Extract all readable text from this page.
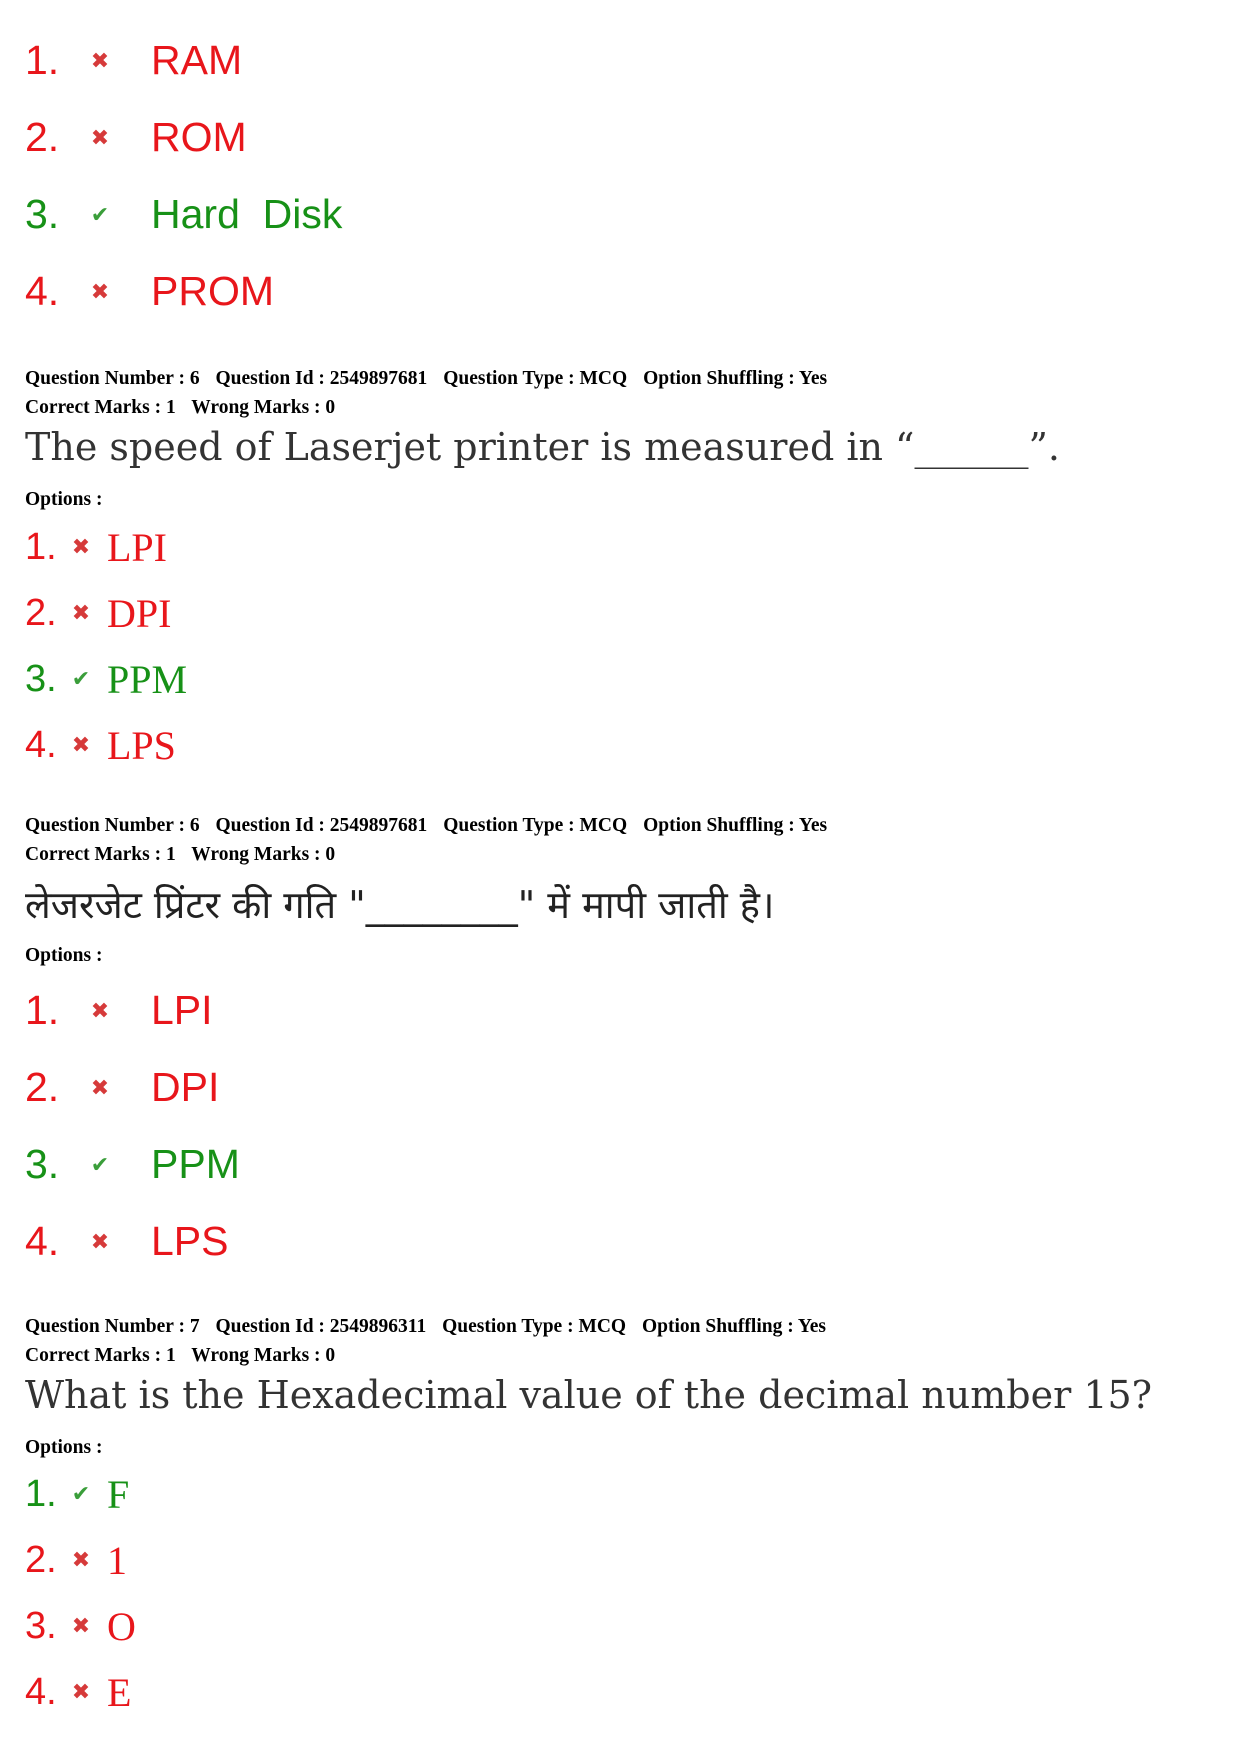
1.	✖ RAM
2.	✖ ROM
3.	✔ Hard  Disk
4.	✖ PROM
Question Number : 6 Question Id : 2549897681 Question Type : MCQ Option Shuffling : Yes
Correct Marks : 1 Wrong Marks : 0
The speed of Laserjet printer is measured in “______”.
Options :
1. ✖ LPI
2. ✖ DPI
3. ✔ PPM
4. ✖ LPS
Question Number : 6 Question Id : 2549897681 Question Type : MCQ Option Shuffling : Yes
Correct Marks : 1 Wrong Marks : 0
लेजरजेट प्रिंटर की गति "________" में मापी जाती है।
Options :
1.	✖ LPI
2.	✖ DPI
3.	✔ PPM
4.	✖ LPS
Question Number : 7 Question Id : 2549896311 Question Type : MCQ Option Shuffling : Yes
Correct Marks : 1 Wrong Marks : 0
What is the Hexadecimal value of the decimal number 15?
Options :
1. ✔ F
2. ✖ 1
3. ✖ O
4. ✖ E
